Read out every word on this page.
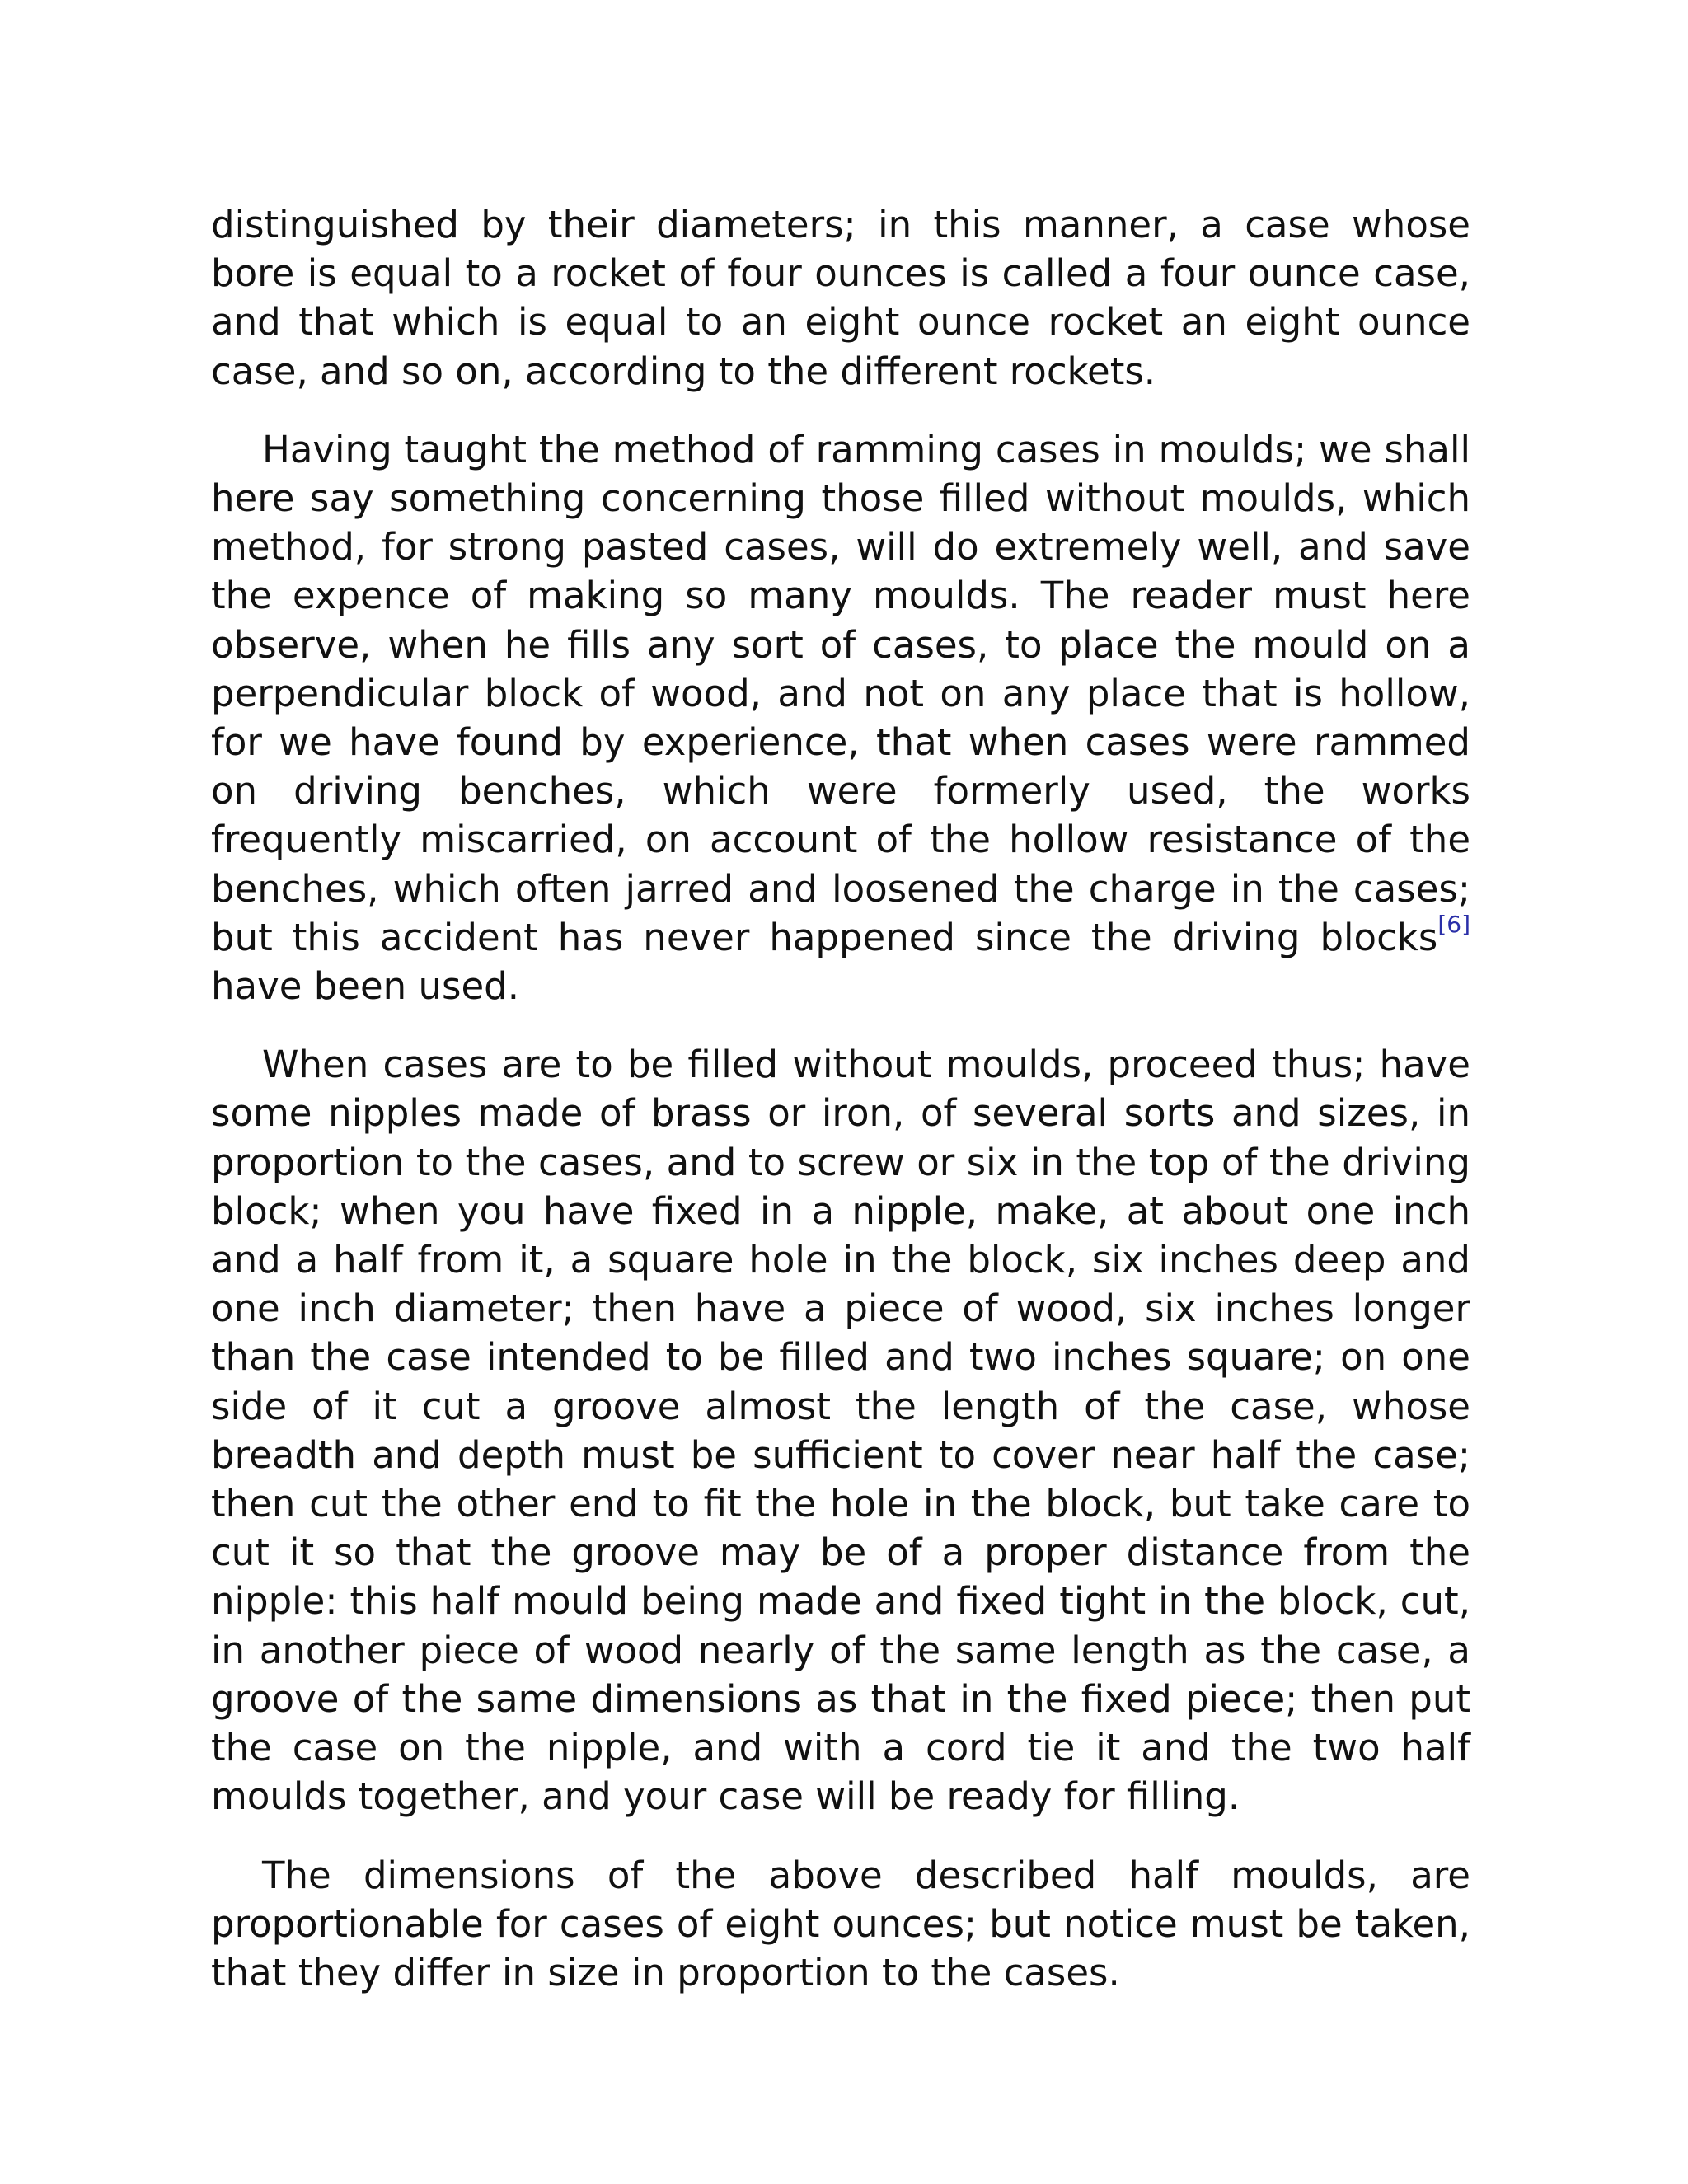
distinguished by their diameters; in this manner, a case whose bore is equal to a rocket of four ounces is called a four ounce case, and that which is equal to an eight ounce rocket an eight ounce case, and so on, according to the different rockets.

Having taught the method of ramming cases in moulds; we shall here say something concerning those filled without moulds, which method, for strong pasted cases, will do extremely well, and save the expence of making so many moulds. The reader must here observe, when he fills any sort of cases, to place the mould on a perpendicular block of wood, and not on any place that is hollow, for we have found by experience, that when cases were rammed on driving benches, which were formerly used, the works frequently miscarried, on account of the hollow resistance of the benches, which often jarred and loosened the charge in the cases; but this accident has never happened since the driving blocks[6] have been used.

When cases are to be filled without moulds, proceed thus; have some nipples made of brass or iron, of several sorts and sizes, in proportion to the cases, and to screw or six in the top of the driving block; when you have fixed in a nipple, make, at about one inch and a half from it, a square hole in the block, six inches deep and one inch diameter; then have a piece of wood, six inches longer than the case intended to be filled and two inches square; on one side of it cut a groove almost the length of the case, whose breadth and depth must be sufficient to cover near half the case; then cut the other end to fit the hole in the block, but take care to cut it so that the groove may be of a proper distance from the nipple: this half mould being made and fixed tight in the block, cut, in another piece of wood nearly of the same length as the case, a groove of the same dimensions as that in the fixed piece; then put the case on the nipple, and with a cord tie it and the two half moulds together, and your case will be ready for filling.

The dimensions of the above described half moulds, are proportionable for cases of eight ounces; but notice must be taken, that they differ in size in proportion to the cases.
